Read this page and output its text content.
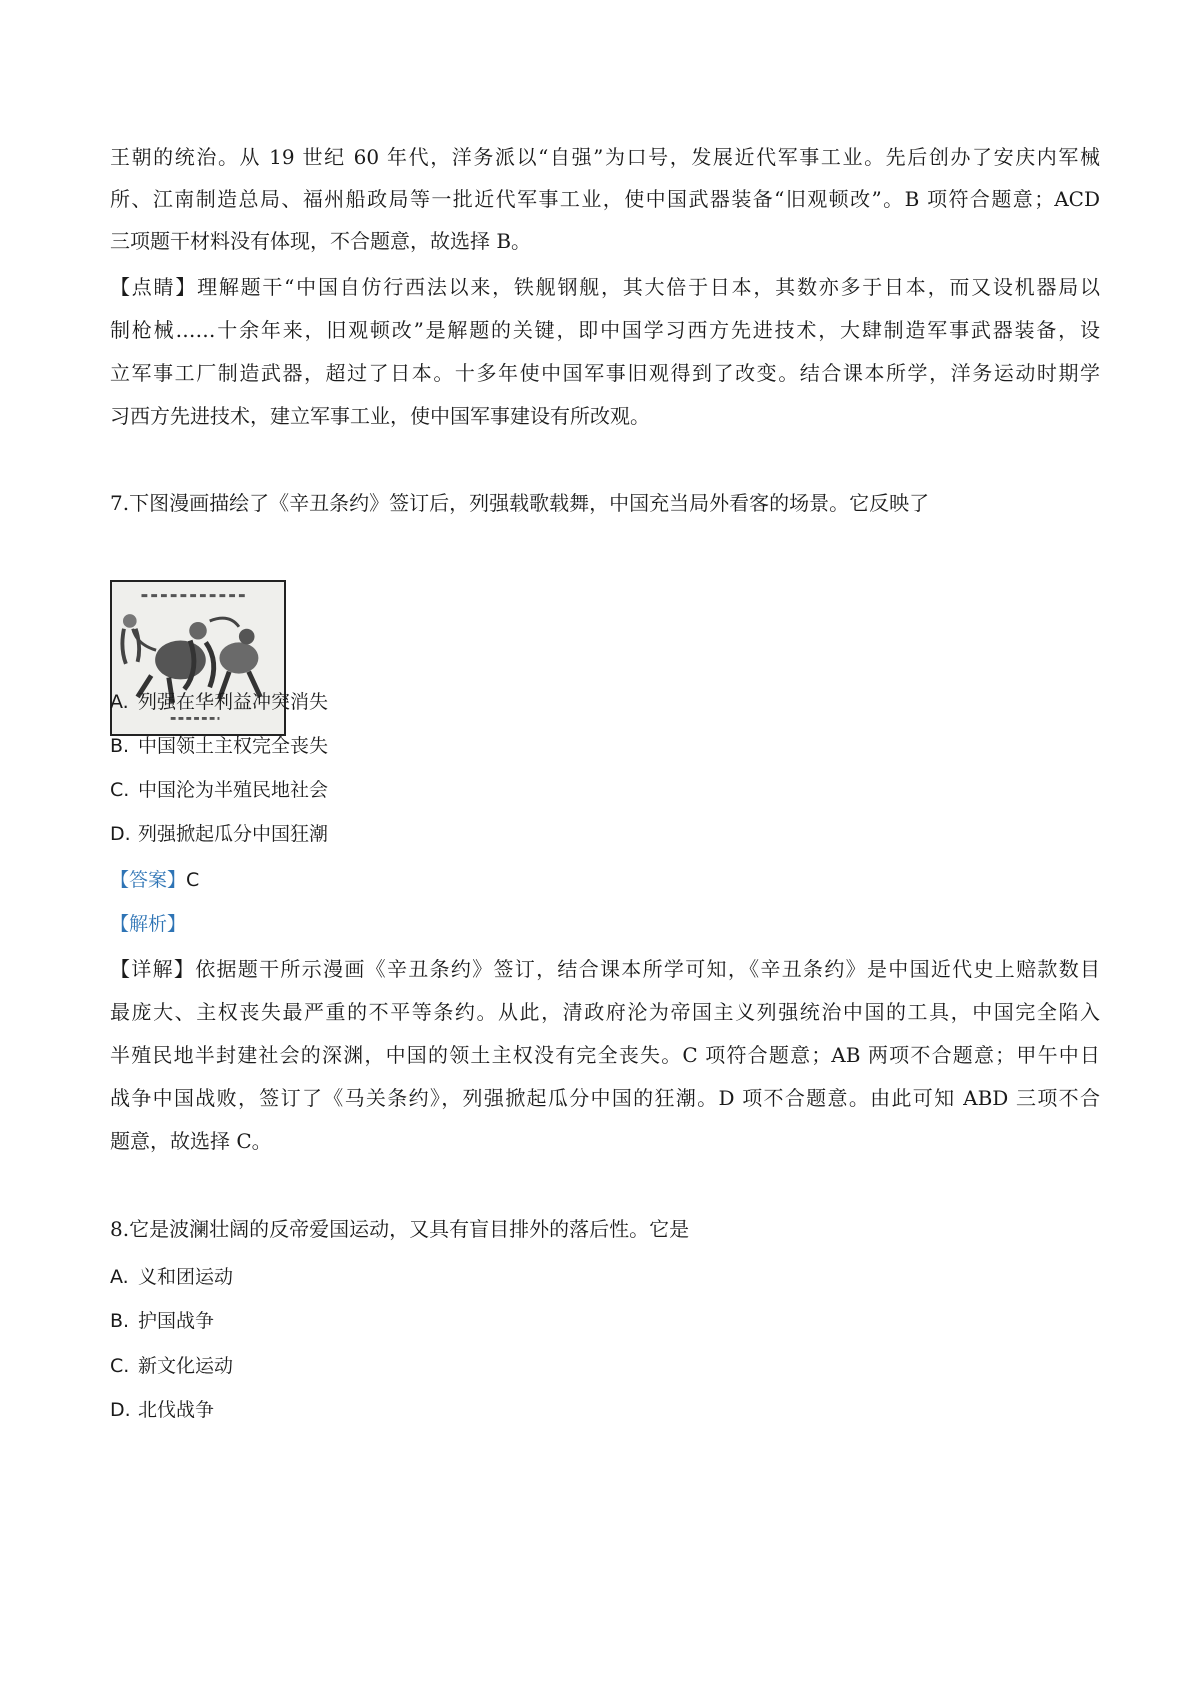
王朝的统治。从 19 世纪 60 年代，洋务派以“自强”为口号，发展近代军事工业。先后创办了安庆内军械
所、江南制造总局、福州船政局等一批近代军事工业，使中国武器装备“旧观顿改”。B 项符合题意；ACD
三项题干材料没有体现，不合题意，故选择 B。
【点睛】理解题干“中国自仿行西法以来，铁舰钢舰，其大倍于日本，其数亦多于日本，而又设机器局以
制枪械……十余年来，旧观顿改”是解题的关键，即中国学习西方先进技术，大肆制造军事武器装备，设
立军事工厂制造武器，超过了日本。十多年使中国军事旧观得到了改变。结合课本所学，洋务运动时期学
习西方先进技术，建立军事工业，使中国军事建设有所改观。
7.下图漫画描绘了《辛丑条约》签订后，列强载歌载舞，中国充当局外看客的场景。它反映了
A. 列强在华利益冲突消失
B. 中国领土主权完全丧失
C. 中国沦为半殖民地社会
D. 列强掀起瓜分中国狂潮
【答案】C
【解析】
【详解】依据题干所示漫画《辛丑条约》签订，结合课本所学可知，《辛丑条约》是中国近代史上赔款数目
最庞大、主权丧失最严重的不平等条约。从此，清政府沦为帝国主义列强统治中国的工具，中国完全陷入
半殖民地半封建社会的深渊，中国的领土主权没有完全丧失。C 项符合题意；AB 两项不合题意；甲午中日
战争中国战败，签订了《马关条约》，列强掀起瓜分中国的狂潮。D 项不合题意。由此可知 ABD 三项不合
题意，故选择 C。
8.它是波澜壮阔的反帝爱国运动，又具有盲目排外的落后性。它是
A. 义和团运动
B. 护国战争
C. 新文化运动
D. 北伐战争
